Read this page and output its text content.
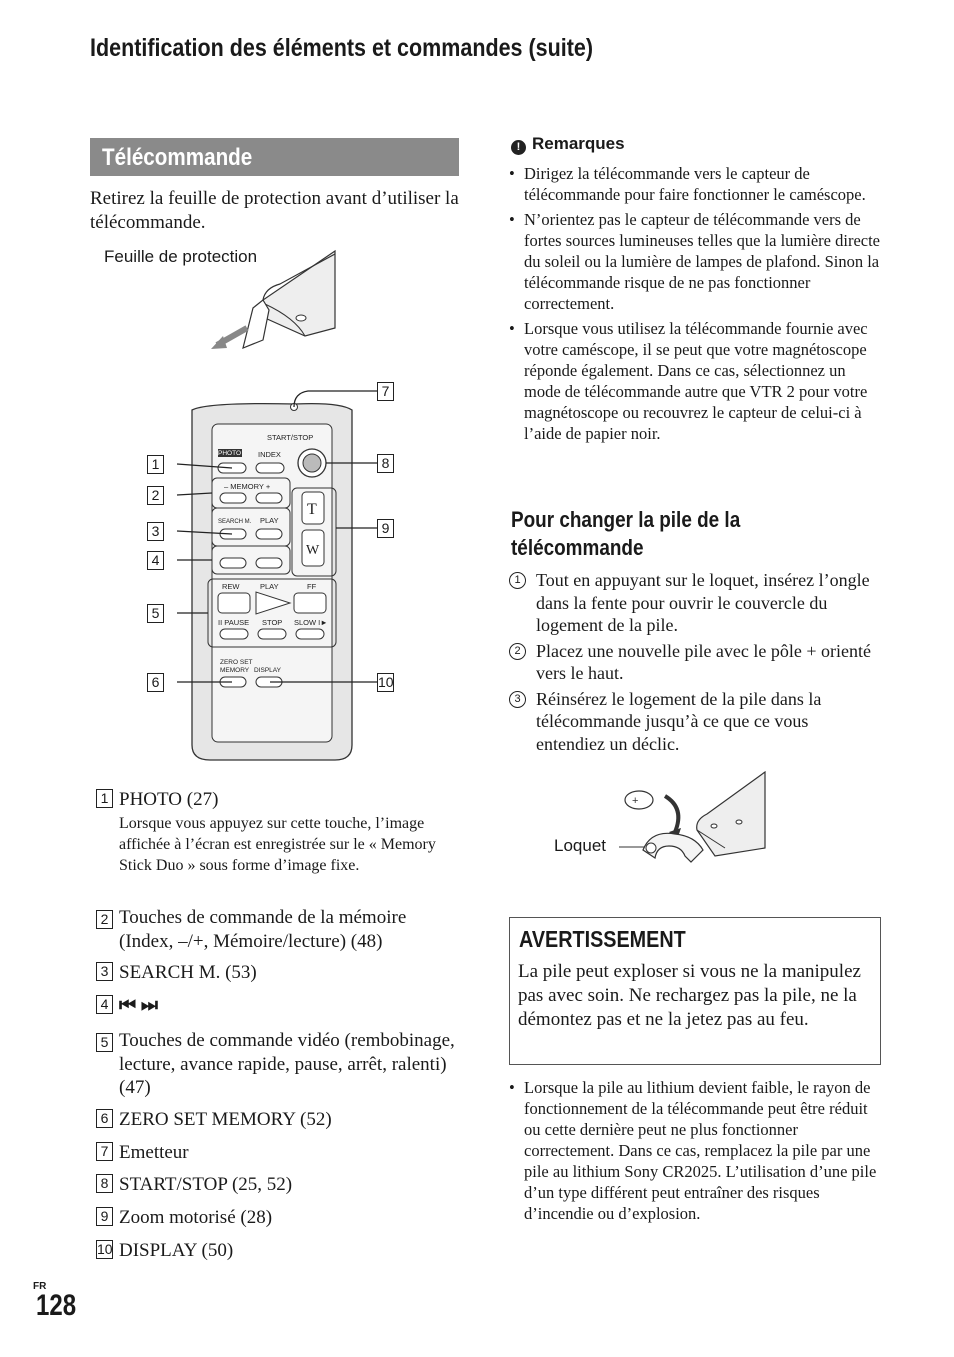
Identification des éléments et commandes (suite)
Télécommande
Retirez la feuille de protection avant d’utiliser la télécommande.
Feuille de protection
START/STOP
PHOTO INDEX
– MEMORY +
SEARCH M. PLAY
REW	PLAY	FF
II PAUSE STOP SLOW I►
ZERO SET
MEMORY DISPLAY
T
W
1
2
3
4
5
6
7
8
9
10
1 PHOTO (27)
Lorsque vous appuyez sur cette touche, l’image affichée à l’écran est enregistrée sur le « Memory Stick Duo » sous forme d’image fixe.
2 Touches de commande de la mémoire (Index, –/+, Mémoire/lecture) (48)
3 SEARCH M. (53)
4 ⏮ ⏭
5 Touches de commande vidéo (rembobinage, lecture, avance rapide, pause, arrêt, ralenti) (47)
6 ZERO SET MEMORY (52)
7 Emetteur
8 START/STOP (25, 52)
9 Zoom motorisé (28)
10 DISPLAY (50)
! Remarques
• Dirigez la télécommande vers le capteur de télécommande pour faire fonctionner le caméscope.
• N’orientez pas le capteur de télécommande vers de fortes sources lumineuses telles que la lumière directe du soleil ou la lumière de lampes de plafond. Sinon la télécommande risque de ne pas fonctionner correctement.
• Lorsque vous utilisez la télécommande fournie avec votre caméscope, il se peut que votre magnétoscope réponde également. Dans ce cas, sélectionnez un mode de télécommande autre que VTR 2 pour votre magnétoscope ou recouvrez le capteur de celui-ci à l’aide de papier noir.
Pour changer la pile de la télécommande
1 Tout en appuyant sur le loquet, insérez l’ongle dans la fente pour ouvrir le couvercle du logement de la pile.
2 Placez une nouvelle pile avec le pôle + orienté vers le haut.
3 Réinsérez le logement de la pile dans la télécommande jusqu’à ce que ce vous entendiez un déclic.
+
Loquet
AVERTISSEMENT
La pile peut exploser si vous ne la manipulez pas avec soin. Ne rechargez pas la pile, ne la démontez pas et ne la jetez pas au feu.
• Lorsque la pile au lithium devient faible, le rayon de fonctionnement de la télécommande peut être réduit ou cette dernière peut ne plus fonctionner correctement. Dans ce cas, remplacez la pile par une pile au lithium Sony CR2025. L’utilisation d’une pile d’un type différent peut entraîner des risques d’incendie ou d’explosion.
FR
128
